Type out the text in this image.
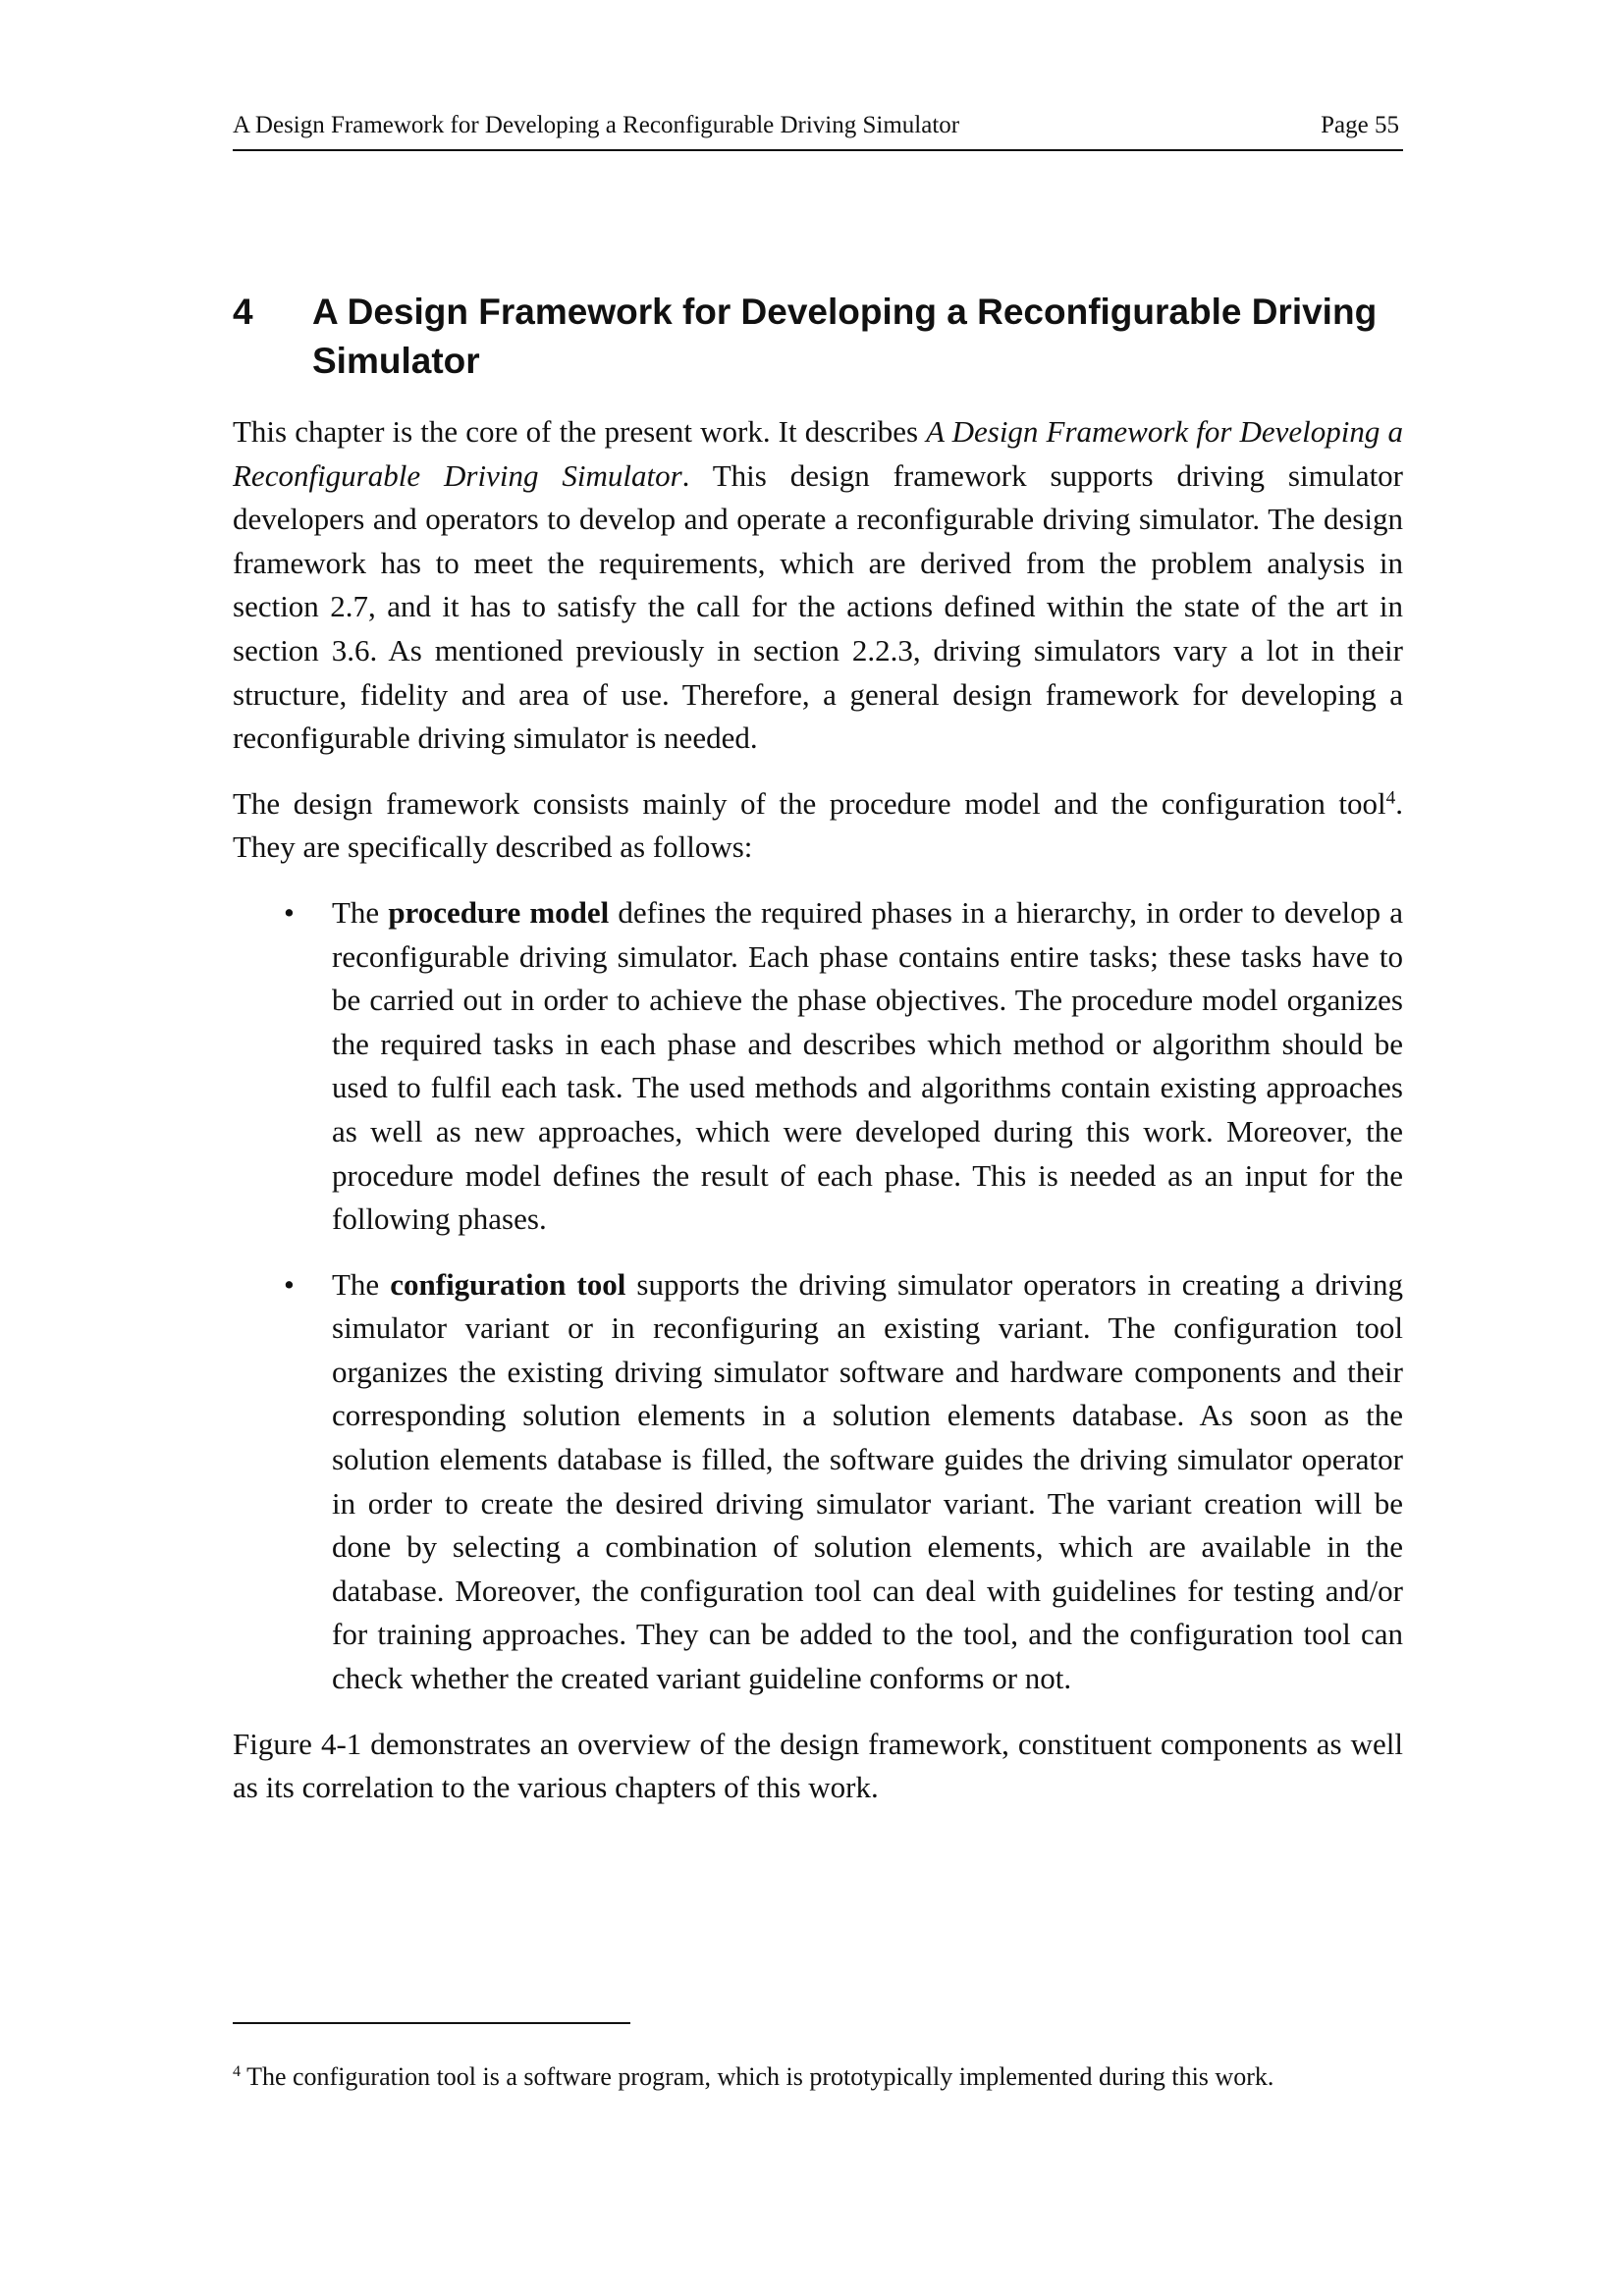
A Design Framework for Developing a Reconfigurable Driving Simulator	Page 55
4 A Design Framework for Developing a Reconfigurable Driving Simulator

This chapter is the core of the present work. It describes A Design Framework for Developing a Reconfigurable Driving Simulator. This design framework supports driving simulator developers and operators to develop and operate a reconfigurable driving simulator. The design framework has to meet the requirements, which are derived from the problem analysis in section 2.7, and it has to satisfy the call for the actions defined within the state of the art in section 3.6. As mentioned previously in section 2.2.3, driving simulators vary a lot in their structure, fidelity and area of use. Therefore, a general design framework for developing a reconfigurable driving simulator is needed.

The design framework consists mainly of the procedure model and the configuration tool$^4$. They are specifically described as follows:

• The procedure model defines the required phases in a hierarchy, in order to develop a reconfigurable driving simulator. Each phase contains entire tasks; these tasks have to be carried out in order to achieve the phase objectives. The procedure model organizes the required tasks in each phase and describes which method or algorithm should be used to fulfil each task. The used methods and algorithms contain existing approaches as well as new approaches, which were developed during this work. Moreover, the procedure model defines the result of each phase. This is needed as an input for the following phases.
• The configuration tool supports the driving simulator operators in creating a driving simulator variant or in reconfiguring an existing variant. The configuration tool organizes the existing driving simulator software and hardware components and their corresponding solution elements in a solution elements database. As soon as the solution elements database is filled, the software guides the driving simulator operator in order to create the desired driving simulator variant. The variant creation will be done by selecting a combination of solution elements, which are available in the database. Moreover, the configuration tool can deal with guidelines for testing and/or for training approaches. They can be added to the tool, and the configuration tool can check whether the created variant guideline conforms or not.

Figure 4-1 demonstrates an overview of the design framework, constituent components as well as its correlation to the various chapters of this work.

$^4$ The configuration tool is a software program, which is prototypically implemented during this work.
